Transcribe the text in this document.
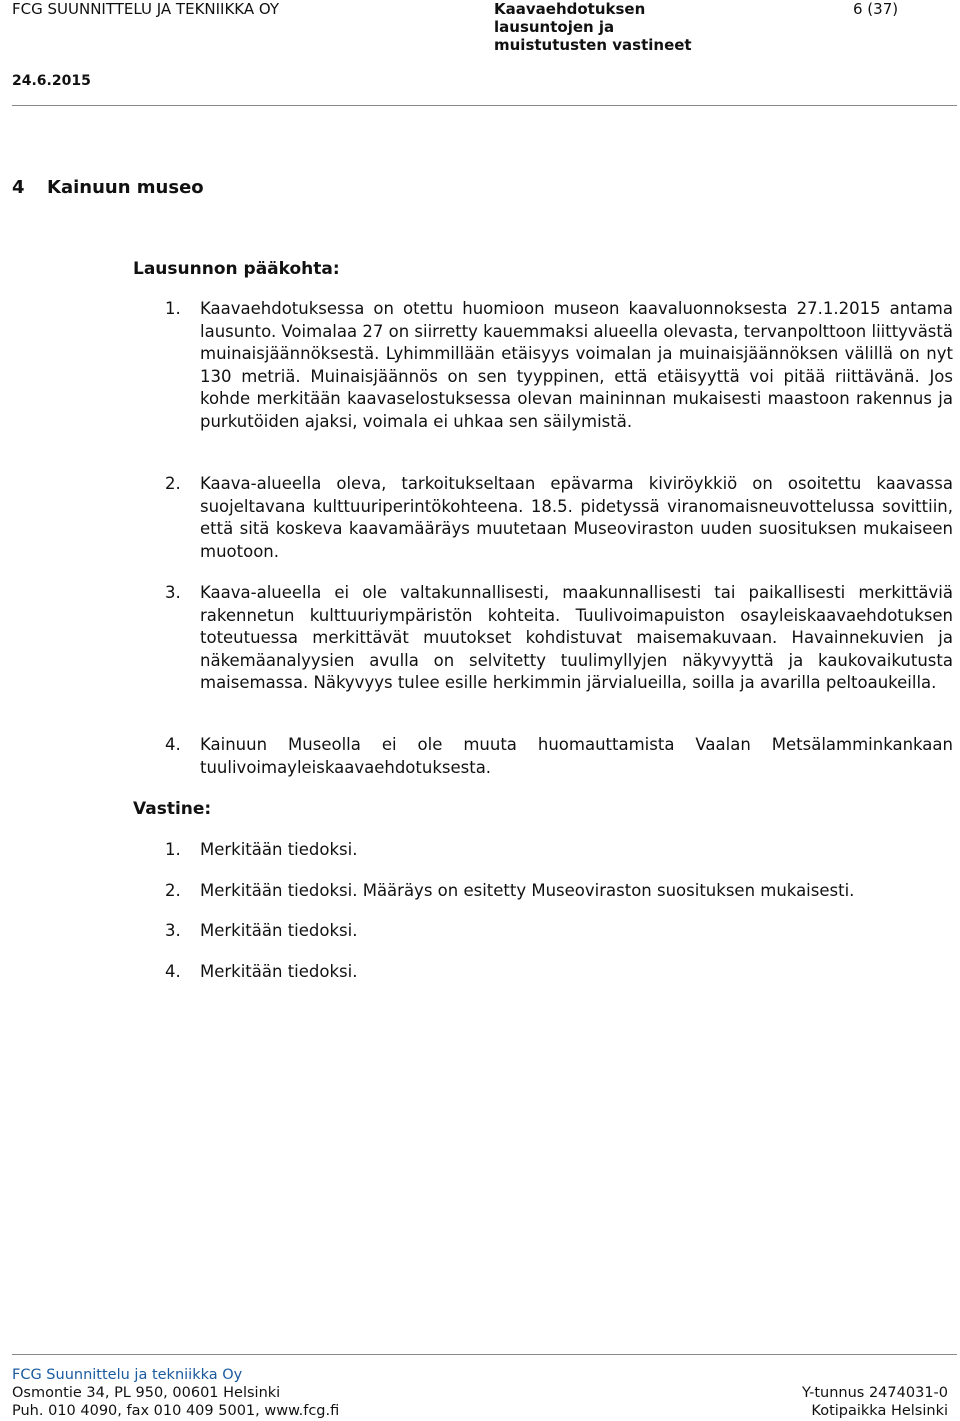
FCG SUUNNITTELU JA TEKNIIKKA OY	Kaavaehdotuksen
lausuntojen ja
muistutusten vastineet
6 (37)
24.6.2015
4 Kainuun museo
Lausunnon pääkohta:
1.	Kaavaehdotuksessa on otettu huomioon museon kaavaluonnoksesta 27.1.2015 antama lausunto. Voimalaa 27 on siirretty kauemmaksi alueella olevasta, tervanpolttoon liittyvästä muinaisjäännöksestä. Lyhimmillään etäisyys voimalan ja muinaisjäännöksen välillä on nyt 130 metriä. Muinaisjäännös on sen tyyppinen, että etäisyyttä voi pitää riittävänä. Jos kohde merkitään kaavaselostuksessa olevan maininnan mukaisesti maastoon rakennus ja purkutöiden ajaksi, voimala ei uhkaa sen säilymistä.
2.	Kaava-alueella oleva, tarkoitukseltaan epävarma kiviröykkiö on osoitettu kaavassa suojeltavana kulttuuriperintökohteena. 18.5. pidetyssä viranomaisneuvottelussa sovittiin, että sitä koskeva kaavamääräys muutetaan Museoviraston uuden suosituksen mukaiseen muotoon.
3.	Kaava-alueella ei ole valtakunnallisesti, maakunnallisesti tai paikallisesti merkittäviä rakennetun kulttuuriympäristön kohteita. Tuulivoimapuiston osayleiskaavaehdotuksen toteutuessa merkittävät muutokset kohdistuvat maisemakuvaan. Havainnekuvien ja näkemäanalyysien avulla on selvitetty tuulimyllyjen näkyvyyttä ja kaukovaikutusta maisemassa. Näkyvyys tulee esille herkimmin järvialueilla, soilla ja avarilla peltoaukeilla.
4.	Kainuun Museolla ei ole muuta huomauttamista Vaalan Metsälamminkankaan tuulivoimayleiskaavaehdotuksesta.
Vastine:
1.	Merkitään tiedoksi.
2.	Merkitään tiedoksi. Määräys on esitetty Museoviraston suosituksen mukaisesti.
3.	Merkitään tiedoksi.
4.	Merkitään tiedoksi.
FCG Suunnittelu ja tekniikka Oy
Osmontie 34, PL 950, 00601 Helsinki
Puh. 010 4090, fax 010 409 5001, www.fcg.fi
Y-tunnus 2474031-0
Kotipaikka Helsinki
